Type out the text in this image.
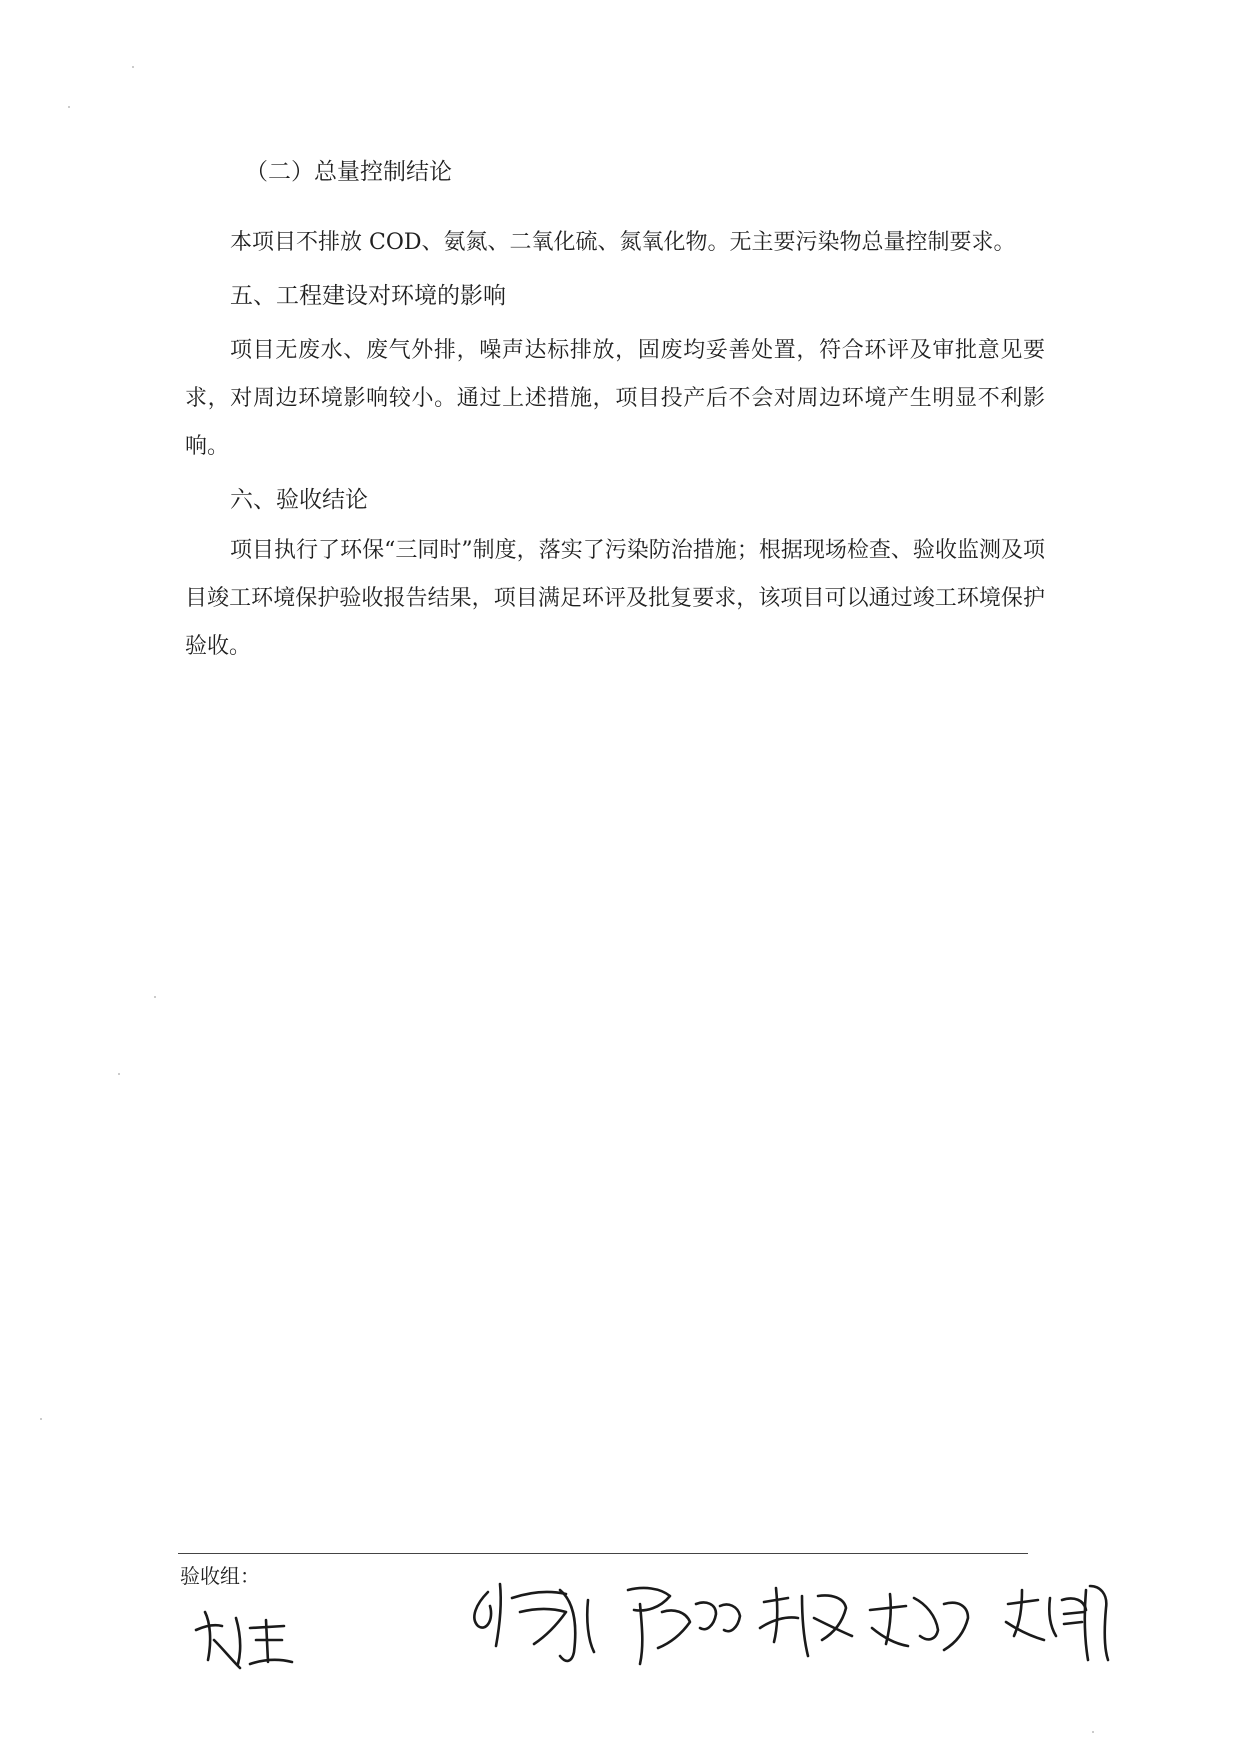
（二）总量控制结论

本项目不排放 COD、氨氮、二氧化硫、氮氧化物。无主要污染物总量控制要求。

五、工程建设对环境的影响

项目无废水、废气外排，噪声达标排放，固废均妥善处置，符合环评及审批意见要求，对周边环境影响较小。通过上述措施，项目投产后不会对周边环境产生明显不利影响。

六、验收结论

项目执行了环保“三同时”制度，落实了污染防治措施；根据现场检查、验收监测及项目竣工环境保护验收报告结果，项目满足环评及批复要求，该项目可以通过竣工环境保护验收。

验收组：
